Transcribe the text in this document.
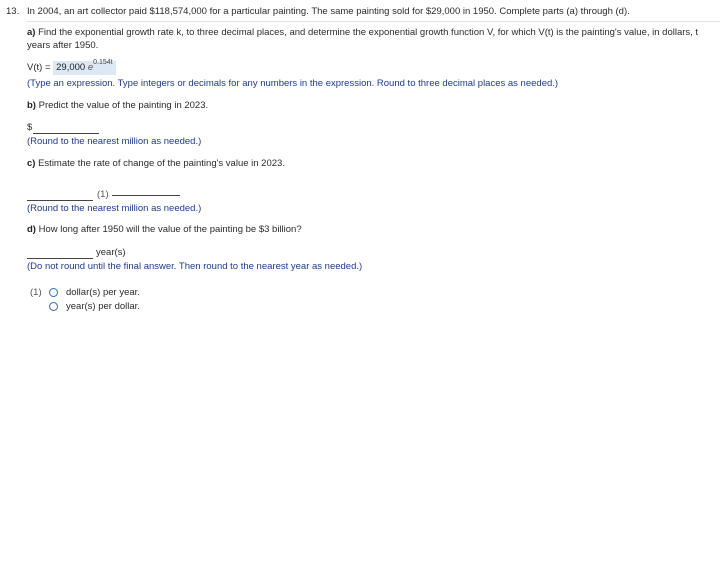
13. In 2004, an art collector paid $118,574,000 for a particular painting. The same painting sold for $29,000 in 1950. Complete parts (a) through (d).
a) Find the exponential growth rate k, to three decimal places, and determine the exponential growth function V, for which V(t) is the painting's value, in dollars, t years after 1950.
V(t) = 29,000 $e^{0.154t}$
(Type an expression. Type integers or decimals for any numbers in the expression. Round to three decimal places as needed.)
b) Predict the value of the painting in 2023.
$
(Round to the nearest million as needed.)
c) Estimate the rate of change of the painting's value in 2023.
(1)
(Round to the nearest million as needed.)
d) How long after 1950 will the value of the painting be $3 billion?
year(s)
(Do not round until the final answer. Then round to the nearest year as needed.)
(1)	dollar(s) per year.
year(s) per dollar.
